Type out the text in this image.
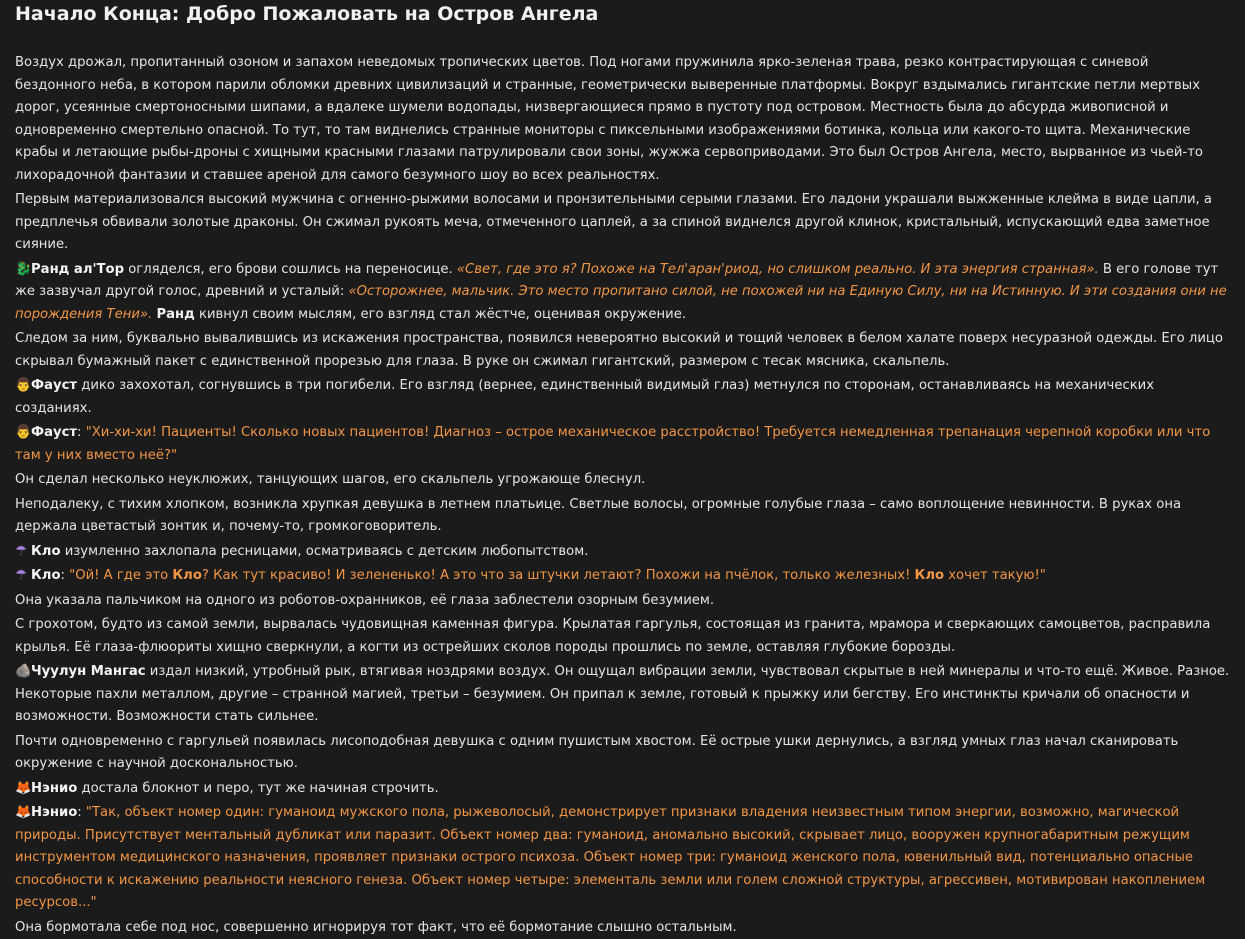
Начало Конца: Добро Пожаловать на Остров Ангела

Воздух дрожал, пропитанный озоном и запахом неведомых тропических цветов. Под ногами пружинила ярко-зеленая трава, резко контрастирующая с синевой бездонного неба, в котором парили обломки древних цивилизаций и странные, геометрически выверенные платформы. Вокруг вздымались гигантские петли мертвых дорог, усеянные смертоносными шипами, а вдалеке шумели водопады, низвергающиеся прямо в пустоту под островом. Местность была до абсурда живописной и одновременно смертельно опасной. То тут, то там виднелись странные мониторы с пиксельными изображениями ботинка, кольца или какого-то щита. Механические крабы и летающие рыбы-дроны с хищными красными глазами патрулировали свои зоны, жужжа сервоприводами. Это был Остров Ангела, место, вырванное из чьей-то лихорадочной фантазии и ставшее ареной для самого безумного шоу во всех реальностях.

Первым материализовался высокий мужчина с огненно-рыжими волосами и пронзительными серыми глазами. Его ладони украшали выжженные клейма в виде цапли, а предплечья обвивали золотые драконы. Он сжимал рукоять меча, отмеченного цаплей, а за спиной виднелся другой клинок, кристальный, испускающий едва заметное сияние.

🐉Ранд ал'Тор огляделся, его брови сошлись на переносице. «Свет, где это я? Похоже на Тел'аран'риод, но слишком реально. И эта энергия странная». В его голове тут же зазвучал другой голос, древний и усталый: «Осторожнее, мальчик. Это место пропитано силой, не похожей ни на Единую Силу, ни на Истинную. И эти создания они не порождения Тени». Ранд кивнул своим мыслям, его взгляд стал жёстче, оценивая окружение.

Следом за ним, буквально вывалившись из искажения пространства, появился невероятно высокий и тощий человек в белом халате поверх несуразной одежды. Его лицо скрывал бумажный пакет с единственной прорезью для глаза. В руке он сжимал гигантский, размером с тесак мясника, скальпель.

👨Фауст дико захохотал, согнувшись в три погибели. Его взгляд (вернее, единственный видимый глаз) метнулся по сторонам, останавливаясь на механических созданиях.

👨Фауст: "Хи-хи-хи! Пациенты! Сколько новых пациентов! Диагноз – острое механическое расстройство! Требуется немедленная трепанация черепной коробки или что там у них вместо неё?"

Он сделал несколько неуклюжих, танцующих шагов, его скальпель угрожающе блеснул.

Неподалеку, с тихим хлопком, возникла хрупкая девушка в летнем платьице. Светлые волосы, огромные голубые глаза – само воплощение невинности. В руках она держала цветастый зонтик и, почему-то, громкоговоритель.

☂ Кло изумленно захлопала ресницами, осматриваясь с детским любопытством.

☂ Кло: "Ой! А где это Кло? Как тут красиво! И зелененько! А это что за штучки летают? Похожи на пчёлок, только железных! Кло хочет такую!"

Она указала пальчиком на одного из роботов-охранников, её глаза заблестели озорным безумием.

С грохотом, будто из самой земли, вырвалась чудовищная каменная фигура. Крылатая гаргулья, состоящая из гранита, мрамора и сверкающих самоцветов, расправила крылья. Её глаза-флюориты хищно сверкнули, а когти из острейших сколов породы прошлись по земле, оставляя глубокие борозды.

🪨Чуулун Мангас издал низкий, утробный рык, втягивая ноздрями воздух. Он ощущал вибрации земли, чувствовал скрытые в ней минералы и что-то ещё. Живое. Разное. Некоторые пахли металлом, другие – странной магией, третьи – безумием. Он припал к земле, готовый к прыжку или бегству. Его инстинкты кричали об опасности и возможности. Возможности стать сильнее.

Почти одновременно с гаргульей появилась лисоподобная девушка с одним пушистым хвостом. Её острые ушки дернулись, а взгляд умных глаз начал сканировать окружение с научной доскональностью.

🦊Нэнио достала блокнот и перо, тут же начиная строчить.

🦊Нэнио: "Так, объект номер один: гуманоид мужского пола, рыжеволосый, демонстрирует признаки владения неизвестным типом энергии, возможно, магической природы. Присутствует ментальный дубликат или паразит. Объект номер два: гуманоид, аномально высокий, скрывает лицо, вооружен крупногабаритным режущим инструментом медицинского назначения, проявляет признаки острого психоза. Объект номер три: гуманоид женского пола, ювенильный вид, потенциально опасные способности к искажению реальности неясного генеза. Объект номер четыре: элементаль земли или голем сложной структуры, агрессивен, мотивирован накоплением ресурсов..."

Она бормотала себе под нос, совершенно игнорируя тот факт, что её бормотание слышно остальным.
